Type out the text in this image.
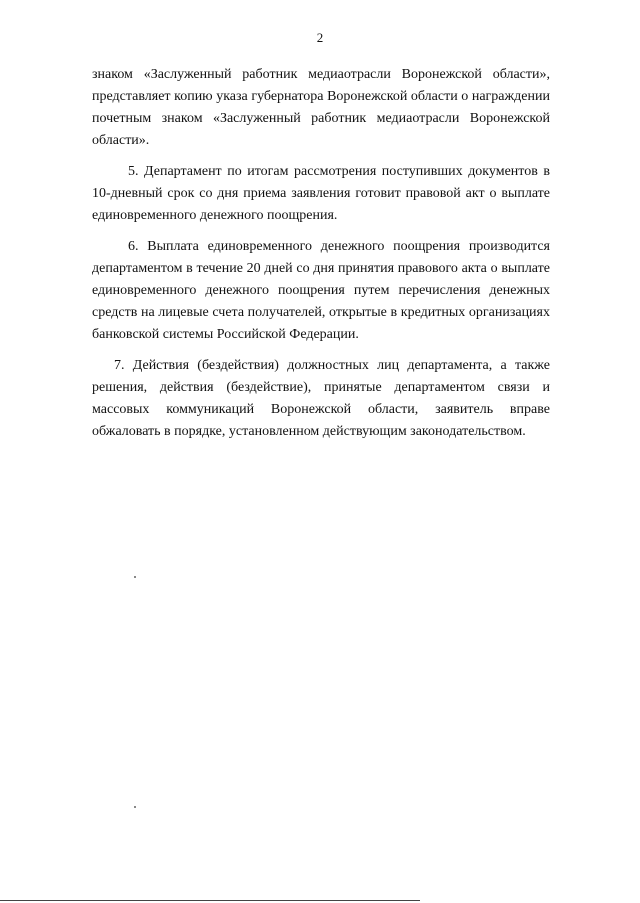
2

знаком «Заслуженный работник медиаотрасли Воронежской области», представляет копию указа губернатора Воронежской области о награждении почетным знаком «Заслуженный работник медиаотрасли Воронежской области».

5. Департамент по итогам рассмотрения поступивших документов в 10-дневный срок со дня приема заявления готовит правовой акт о выплате единовременного денежного поощрения.

6. Выплата единовременного денежного поощрения производится департаментом в течение 20 дней со дня принятия правового акта о выплате единовременного денежного поощрения путем перечисления денежных средств на лицевые счета получателей, открытые в кредитных организациях банковской системы Российской Федерации.

7. Действия (бездействия) должностных лиц департамента, а также решения, действия (бездействие), принятые департаментом связи и массовых коммуникаций Воронежской области, заявитель вправе обжаловать в порядке, установленном действующим законодательством.
